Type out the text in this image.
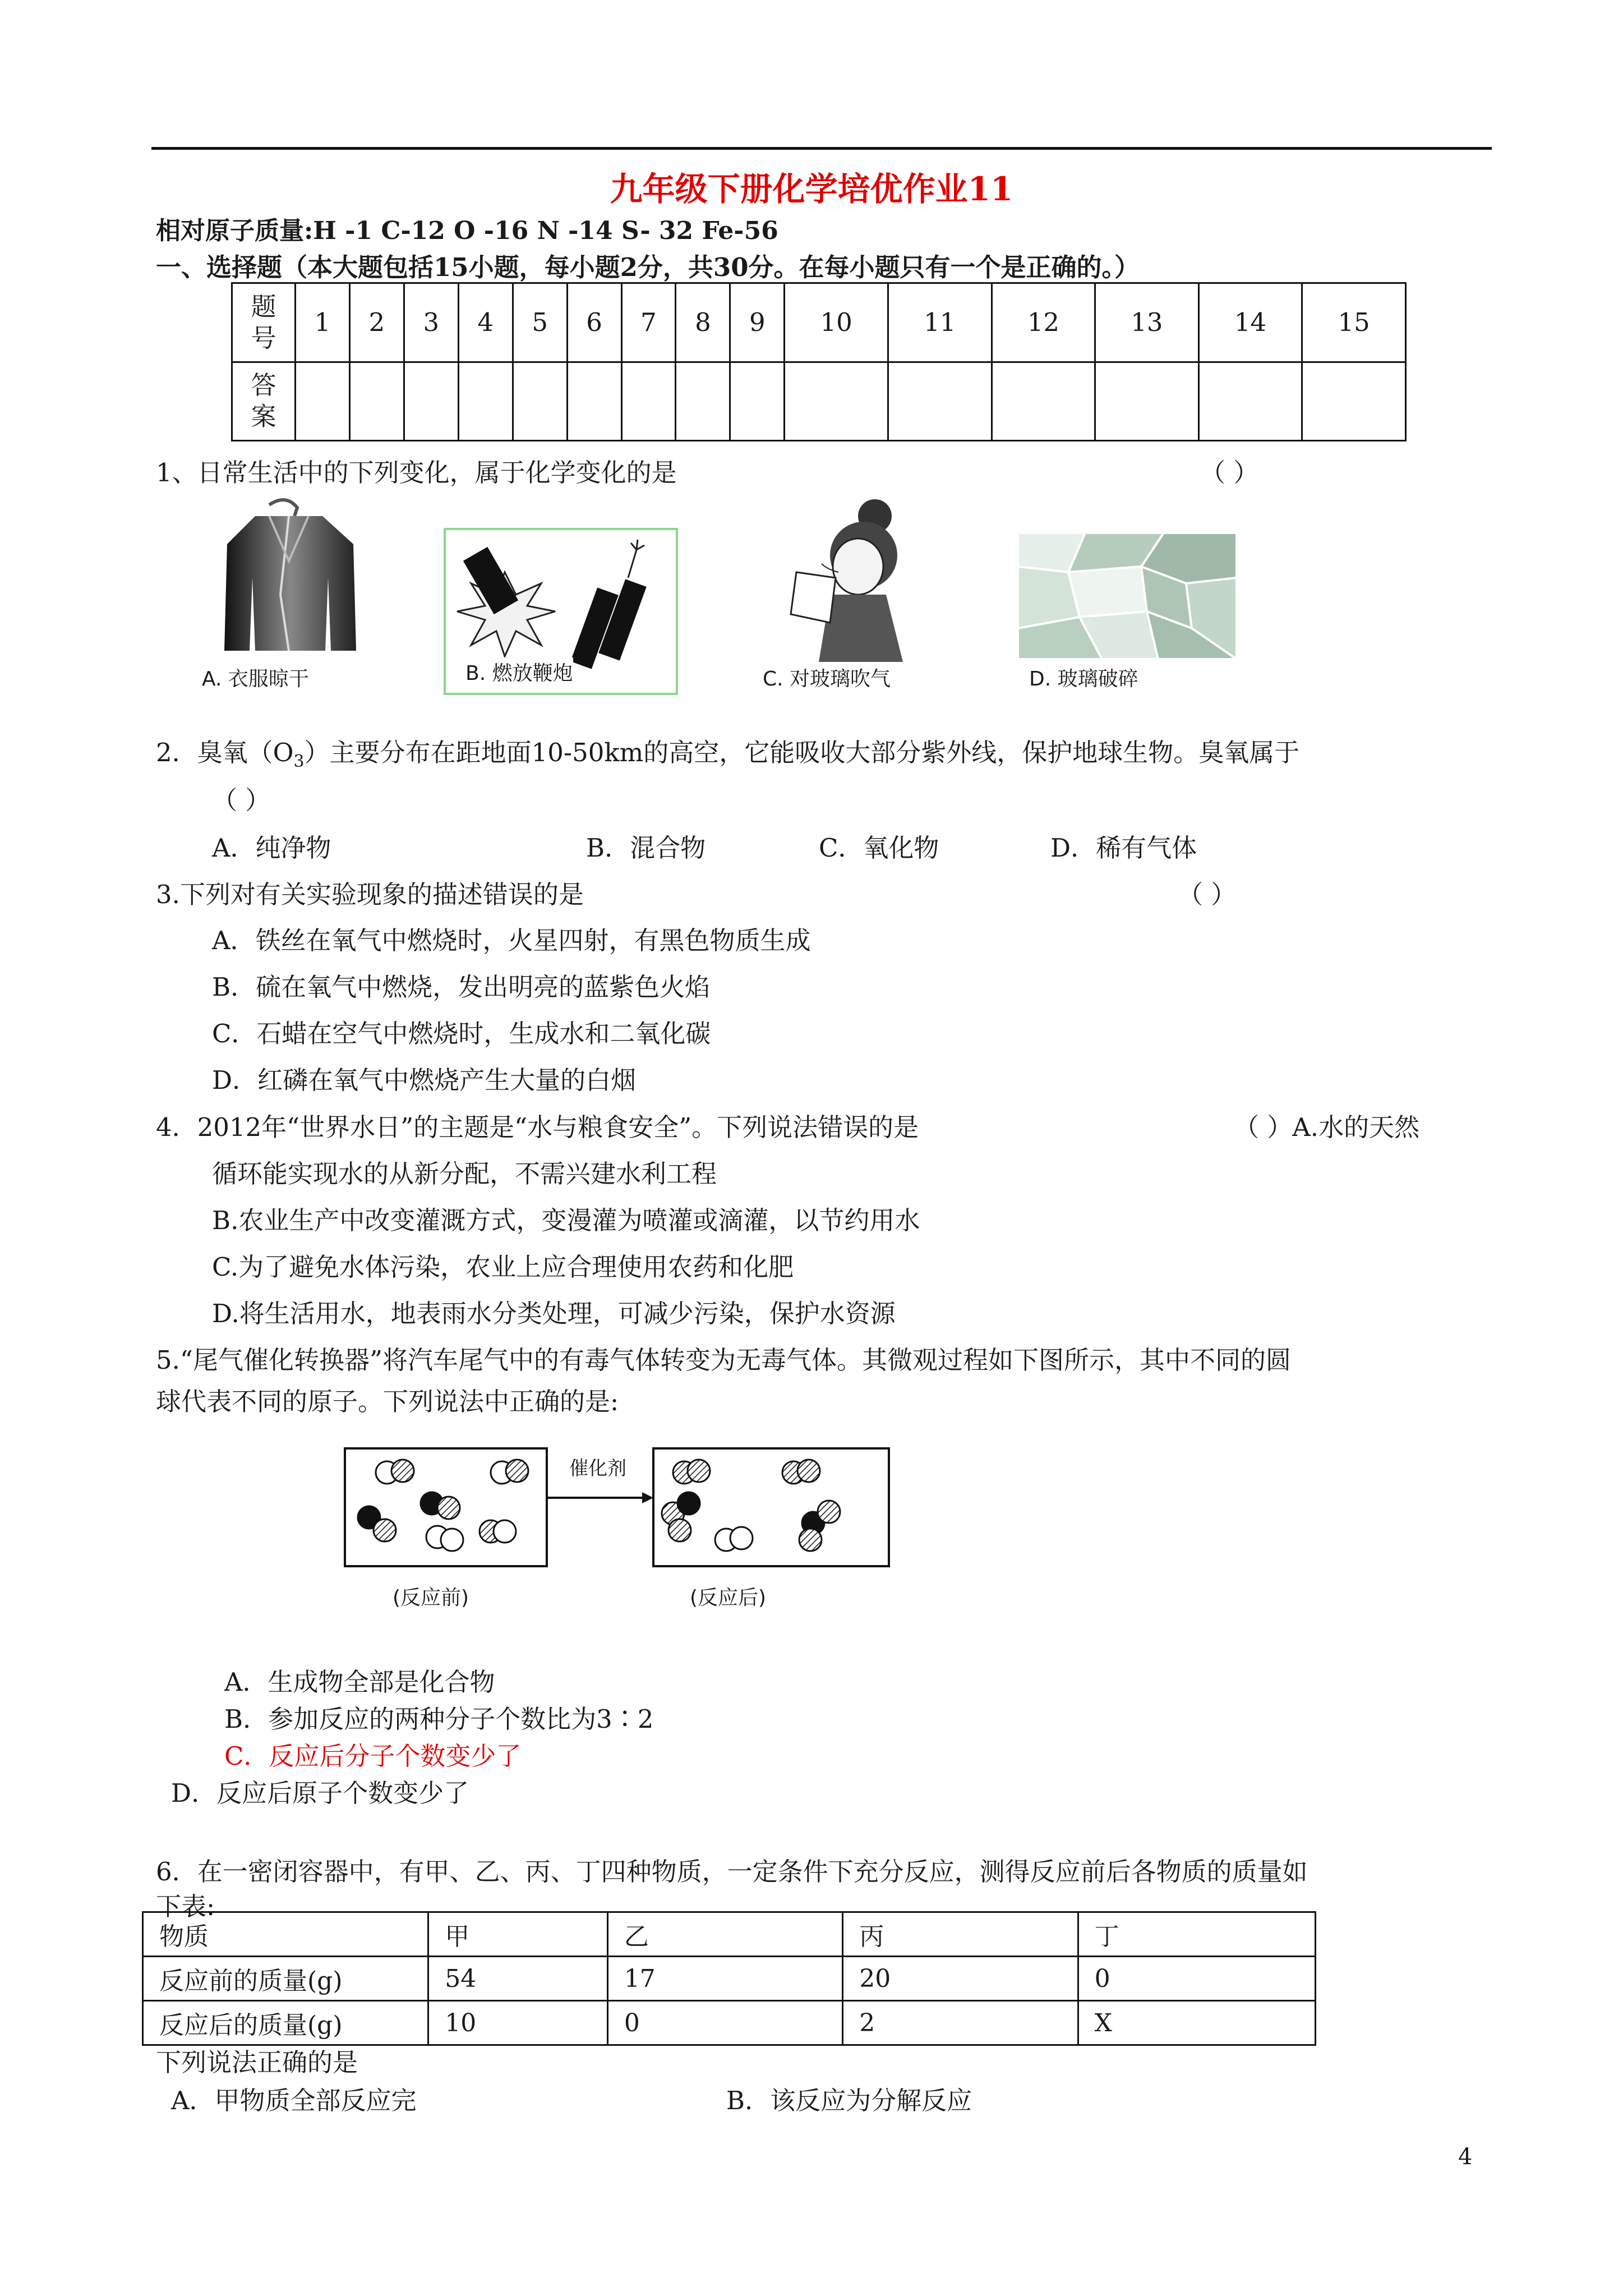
九年级下册化学培优作业11
相对原子质量:H -1 C-12 O -16 N -14 S- 32 Fe-56
一、选择题（本大题包括15小题，每小题2分，共30分。在每小题只有一个是正确的。）
题
号	1	2	3	4	5	6	7	8	9	10	11	12	13	14	15

答
案															

1、日常生活中的下列变化，属于化学变化的是	（ ）
A. 衣服晾干	B. 燃放鞭炮	C. 对玻璃吹气	D. 玻璃破碎
2．臭氧$(O_3)$主要分布在距地面10-50km的高空，它能吸收大部分紫外线，保护地球生物。臭氧属于
（ ）
A．纯净物	B．混合物	C．氧化物	D．稀有气体
3.下列对有关实验现象的描述错误的是	（ ）
A．铁丝在氧气中燃烧时，火星四射，有黑色物质生成
B．硫在氧气中燃烧，发出明亮的蓝紫色火焰
C．石蜡在空气中燃烧时，生成水和二氧化碳
D．红磷在氧气中燃烧产生大量的白烟
4．2012年“世界水日”的主题是“水与粮食安全”。下列说法错误的是	（ ）A.水的天然
循环能实现水的从新分配，不需兴建水利工程
B.农业生产中改变灌溉方式，变漫灌为喷灌或滴灌，以节约用水
C.为了避免水体污染，农业上应合理使用农药和化肥
D.将生活用水，地表雨水分类处理，可减少污染，保护水资源
5.“尾气催化转换器”将汽车尾气中的有毒气体转变为无毒气体。其微观过程如下图所示，其中不同的圆
球代表不同的原子。下列说法中正确的是:
催化剂
(反应前)	(反应后)
A．生成物全部是化合物
B．参加反应的两种分子个数比为3∶2
C．反应后分子个数变少了
D．反应后原子个数变少了
6．在一密闭容器中，有甲、乙、丙、丁四种物质，一定条件下充分反应，测得反应前后各物质的质量如
下表:
物质	甲	乙	丙	丁
反应前的质量(g)	54	17	20	0
反应后的质量(g)	10	0	2	X
下列说法正确的是
A．甲物质全部反应完	B．该反应为分解反应
4
